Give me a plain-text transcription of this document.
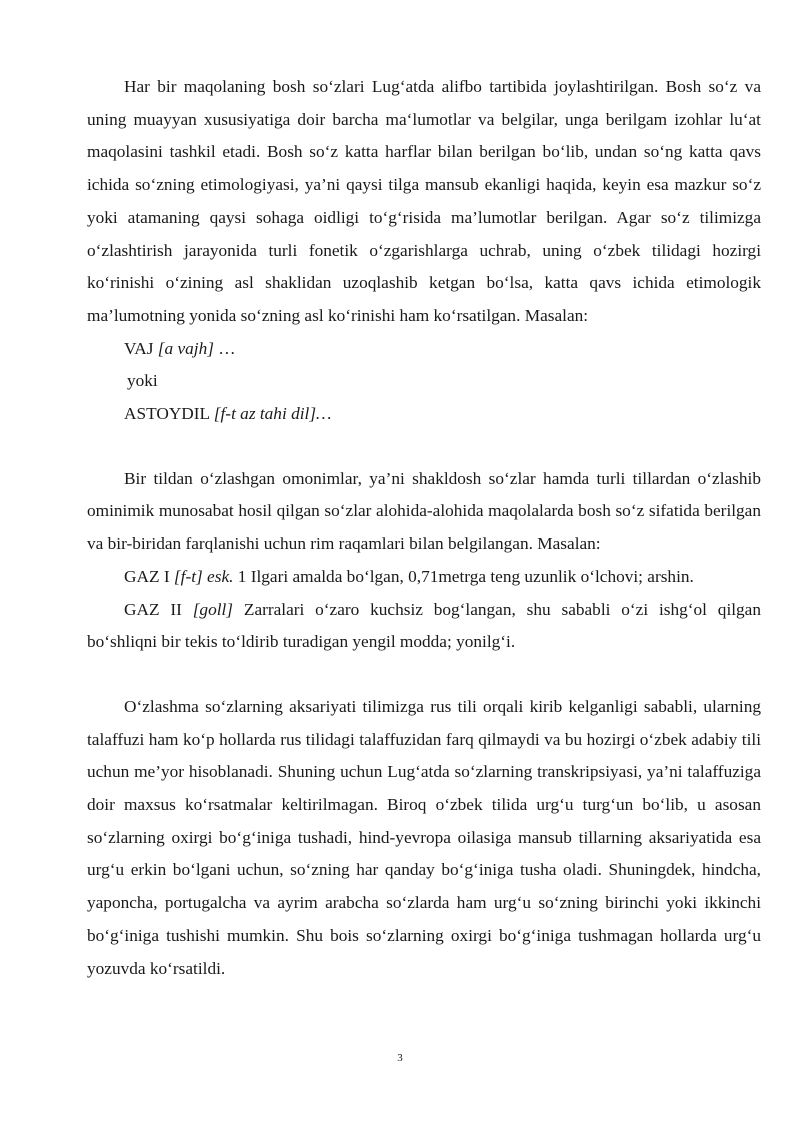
Har bir maqolaning bosh so‘zlari Lug‘atda alifbo tartibida joylashtirilgan. Bosh so‘z va uning muayyan xususiyatiga doir barcha ma‘lumotlar va belgilar, unga berilgam izohlar lu‘at maqolasini tashkil etadi. Bosh so‘z katta harflar bilan berilgan bo‘lib, undan so‘ng katta qavs ichida so‘zning etimologiyasi, ya’ni qaysi tilga mansub ekanligi haqida, keyin esa mazkur so‘z yoki atamaning qaysi sohaga oidligi to‘g‘risida ma’lumotlar berilgan. Agar so‘z tilimizga o‘zlashtirish jarayonida turli fonetik o‘zgarishlarga uchrab, uning o‘zbek tilidagi hozirgi ko‘rinishi o‘zining asl shaklidan uzoqlashib ketgan bo‘lsa, katta qavs ichida etimologik ma’lumotning yonida so‘zning asl ko‘rinishi ham ko‘rsatilgan. Masalan:

VAJ [a vajh] …

yoki

ASTOYDIL [f-t az tahi dil]…

Bir tildan o‘zlashgan omonimlar, ya’ni shakldosh so‘zlar hamda turli tillardan o‘zlashib ominimik munosabat hosil qilgan so‘zlar alohida-alohida maqolalarda bosh so‘z sifatida berilgan va bir-biridan farqlanishi uchun rim raqamlari bilan belgilangan. Masalan:

GAZ I [f-t] esk. 1 Ilgari amalda bo‘lgan, 0,71metrga teng uzunlik o‘lchovi; arshin.

GAZ II [goll] Zarralari o‘zaro kuchsiz bog‘langan, shu sababli o‘zi ishg‘ol qilgan bo‘shliqni bir tekis to‘ldirib turadigan yengil modda; yonilg‘i.

O‘zlashma so‘zlarning aksariyati tilimizga rus tili orqali kirib kelganligi sababli, ularning talaffuzi ham ko‘p hollarda rus tilidagi talaffuzidan farq qilmaydi va bu hozirgi o‘zbek adabiy tili uchun me’yor hisoblanadi. Shuning uchun Lug‘atda so‘zlarning transkripsiyasi, ya’ni talaffuziga doir maxsus ko‘rsatmalar keltirilmagan. Biroq o‘zbek tilida urg‘u turg‘un bo‘lib, u asosan so‘zlarning oxirgi bo‘g‘iniga tushadi, hind-yevropa oilasiga mansub tillarning aksariyatida esa urg‘u erkin bo‘lgani uchun, so‘zning har qanday bo‘g‘iniga tusha oladi. Shuningdek, hindcha, yaponcha, portugalcha va ayrim arabcha so‘zlarda ham urg‘u so‘zning birinchi yoki ikkinchi bo‘g‘iniga tushishi mumkin. Shu bois so‘zlarning oxirgi bo‘g‘iniga tushmagan hollarda urg‘u yozuvda ko‘rsatildi.

3
